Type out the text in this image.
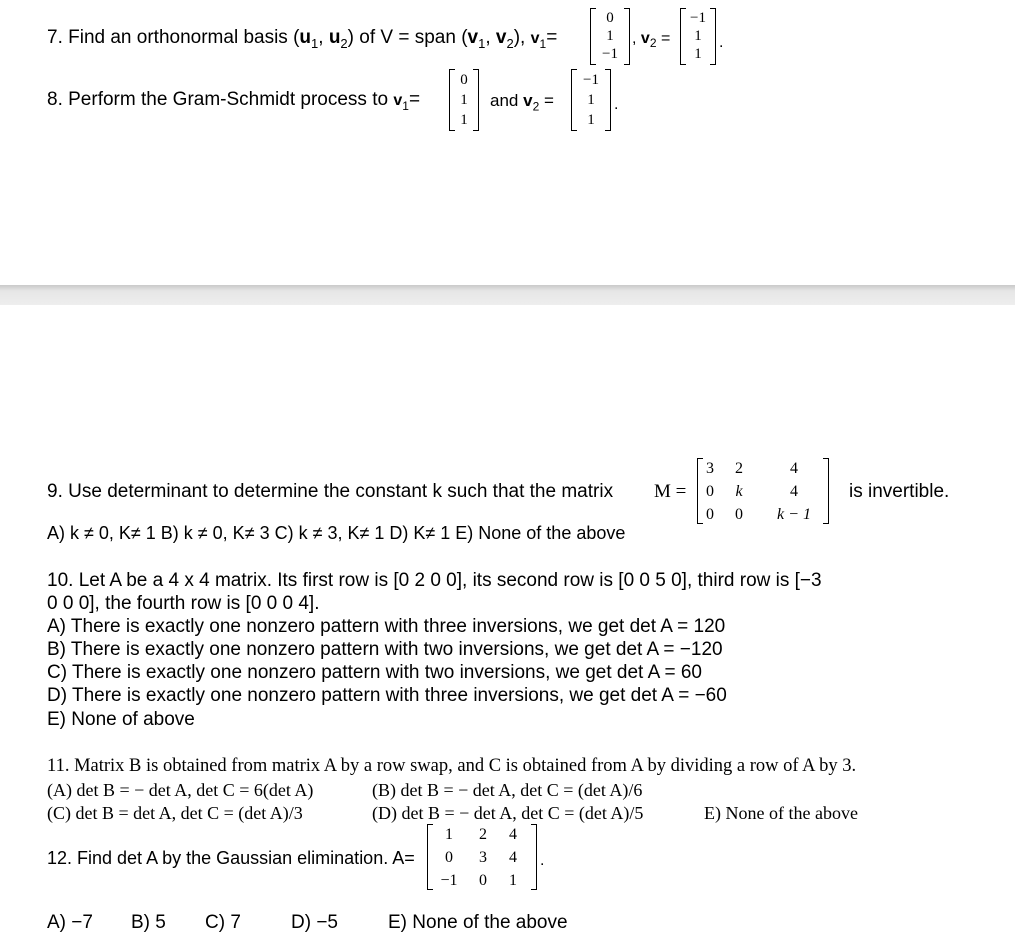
7. Find an orthonormal basis ($u_1$, $u_2$) of V = span ($v_1$, $v_2$), $v_1=$
0
1
−1
, $v_2$ =
−1
1
1
.
8. Perform the Gram-Schmidt process to $v_1=$
0
1
1
and $v_2$ =
−1
1
1
.
9. Use determinant to determine the constant k such that the matrix M =
3 2	4
0 k	4
0 0	k − 1
is invertible.
A) k ≠ 0, K≠ 1 B) k ≠ 0, K≠ 3 C) k ≠ 3, K≠ 1 D) K≠ 1 E) None of the above
10. Let A be a 4 x 4 matrix. Its first row is [0 2 0 0], its second row is [0 0 5 0], third row is [−3
0 0 0], the fourth row is [0 0 0 4].
A) There is exactly one nonzero pattern with three inversions, we get det A = 120
B) There is exactly one nonzero pattern with two inversions, we get det A = −120
C) There is exactly one nonzero pattern with two inversions, we get det A = 60
D) There is exactly one nonzero pattern with three inversions, we get det A = −60
E) None of above
11. Matrix B is obtained from matrix A by a row swap, and C is obtained from A by dividing a row of A by 3.
(A) det B = − det A, det C = 6(det A)	(B) det B = − det A, det C = (det A)/6
(C) det B = det A, det C = (det A)/3	(D) det B = − det A, det C = (det A)/5	E) None of the above
12. Find det A by the Gaussian elimination. A=
1	2 4
0	3 4
−1	0 1
.
A) −7 B) 5 C) 7	D) −5	E) None of the above
